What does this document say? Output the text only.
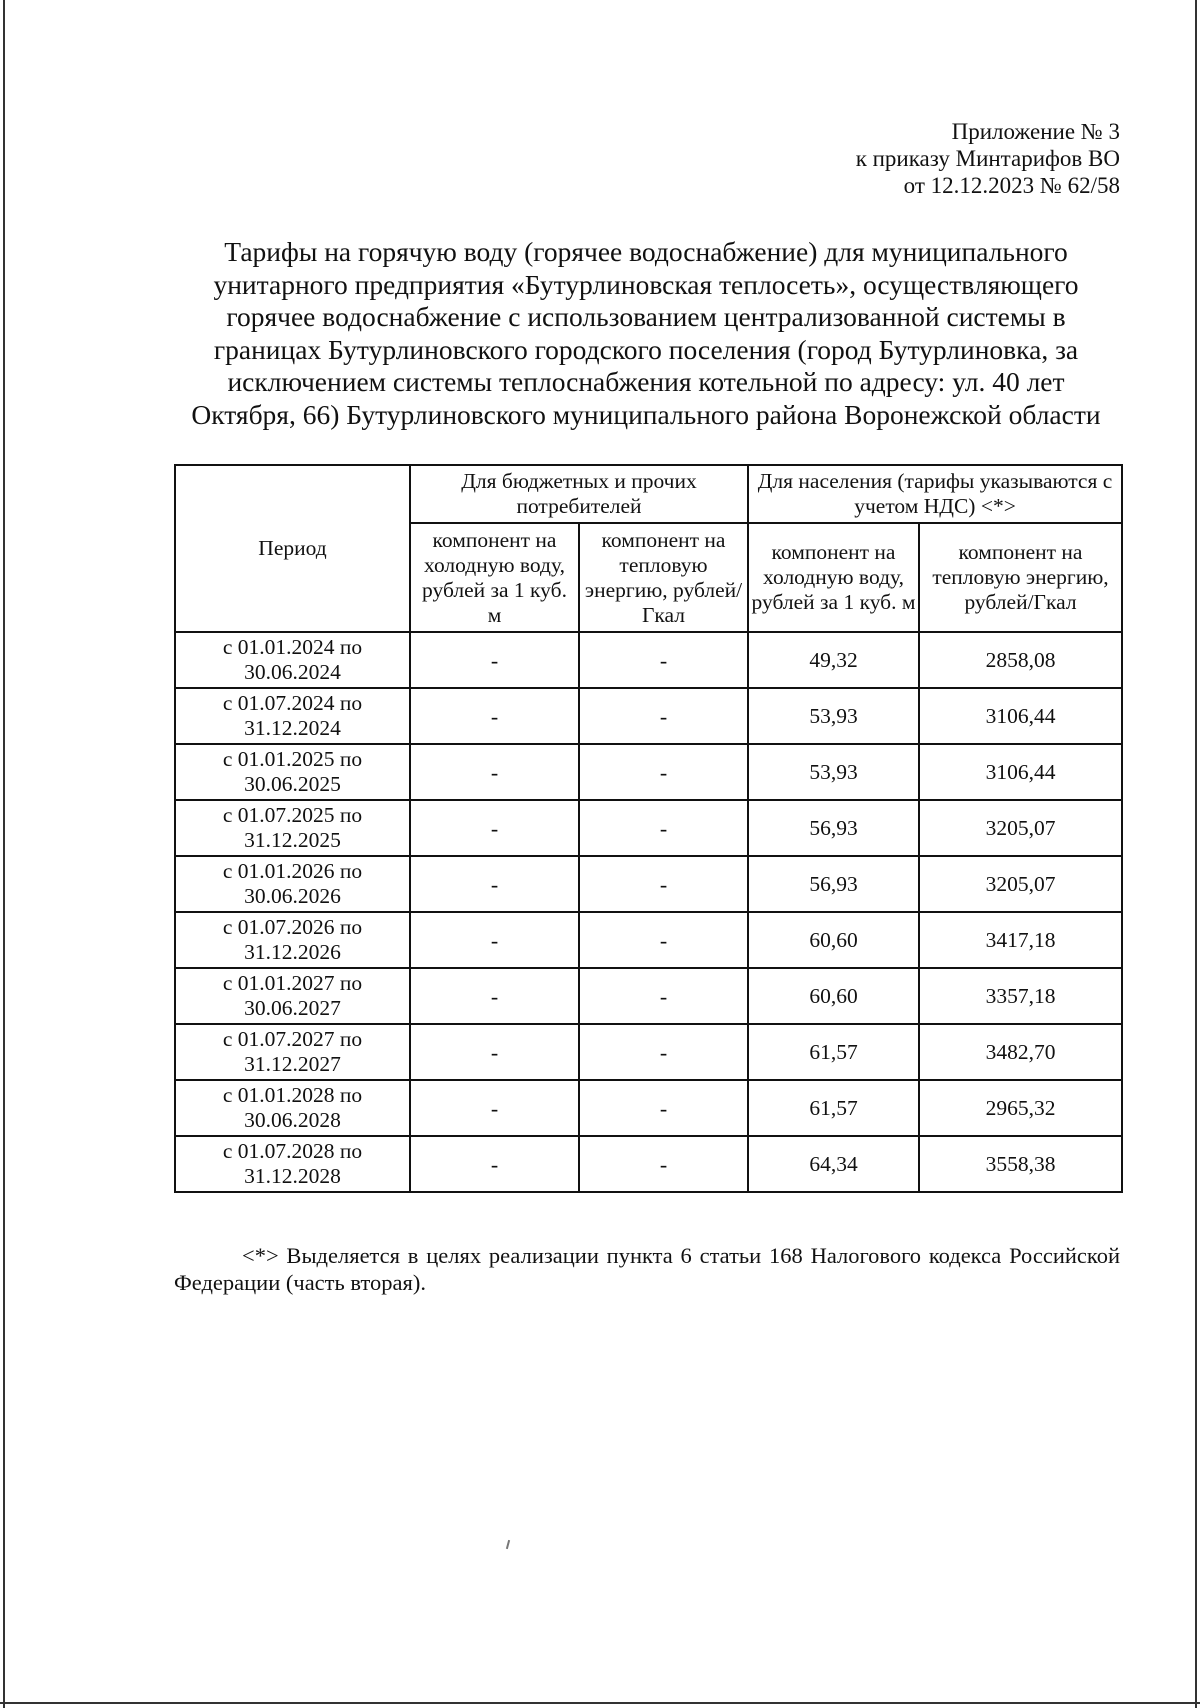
Приложение № 3
к приказу Минтарифов ВО
от 12.12.2023 № 62/58
Тарифы на горячую воду (горячее водоснабжение) для муниципального
унитарного предприятия «Бутурлиновская теплосеть», осуществляющего
горячее водоснабжение с использованием централизованной системы в
границах Бутурлиновского городского поселения (город Бутурлиновка, за
исключением системы теплоснабжения котельной по адресу: ул. 40 лет
Октября, 66) Бутурлиновского муниципального района Воронежской области
Период	Для бюджетных и прочих потребителей		Для населения (тарифы указываются с учетом НДС) <*>	
	компонент на холодную воду, рублей за 1 куб. м	компонент на тепловую энергию, рублей/Гкал	компонент на холодную воду, рублей за 1 куб. м	компонент на тепловую энергию, рублей/Гкал
с 01.01.2024 по 30.06.2024	-	-	49,32	2858,08
с 01.07.2024 по 31.12.2024	-	-	53,93	3106,44
с 01.01.2025 по 30.06.2025	-	-	53,93	3106,44
с 01.07.2025 по 31.12.2025	-	-	56,93	3205,07
с 01.01.2026 по 30.06.2026	-	-	56,93	3205,07
с 01.07.2026 по 31.12.2026	-	-	60,60	3417,18
с 01.01.2027 по 30.06.2027	-	-	60,60	3357,18
с 01.07.2027 по 31.12.2027	-	-	61,57	3482,70
с 01.01.2028 по 30.06.2028	-	-	61,57	2965,32
с 01.07.2028 по 31.12.2028	-	-	64,34	3558,38
<*> Выделяется в целях реализации пункта 6 статьи 168 Налогового кодекса Российской Федерации (часть вторая).
